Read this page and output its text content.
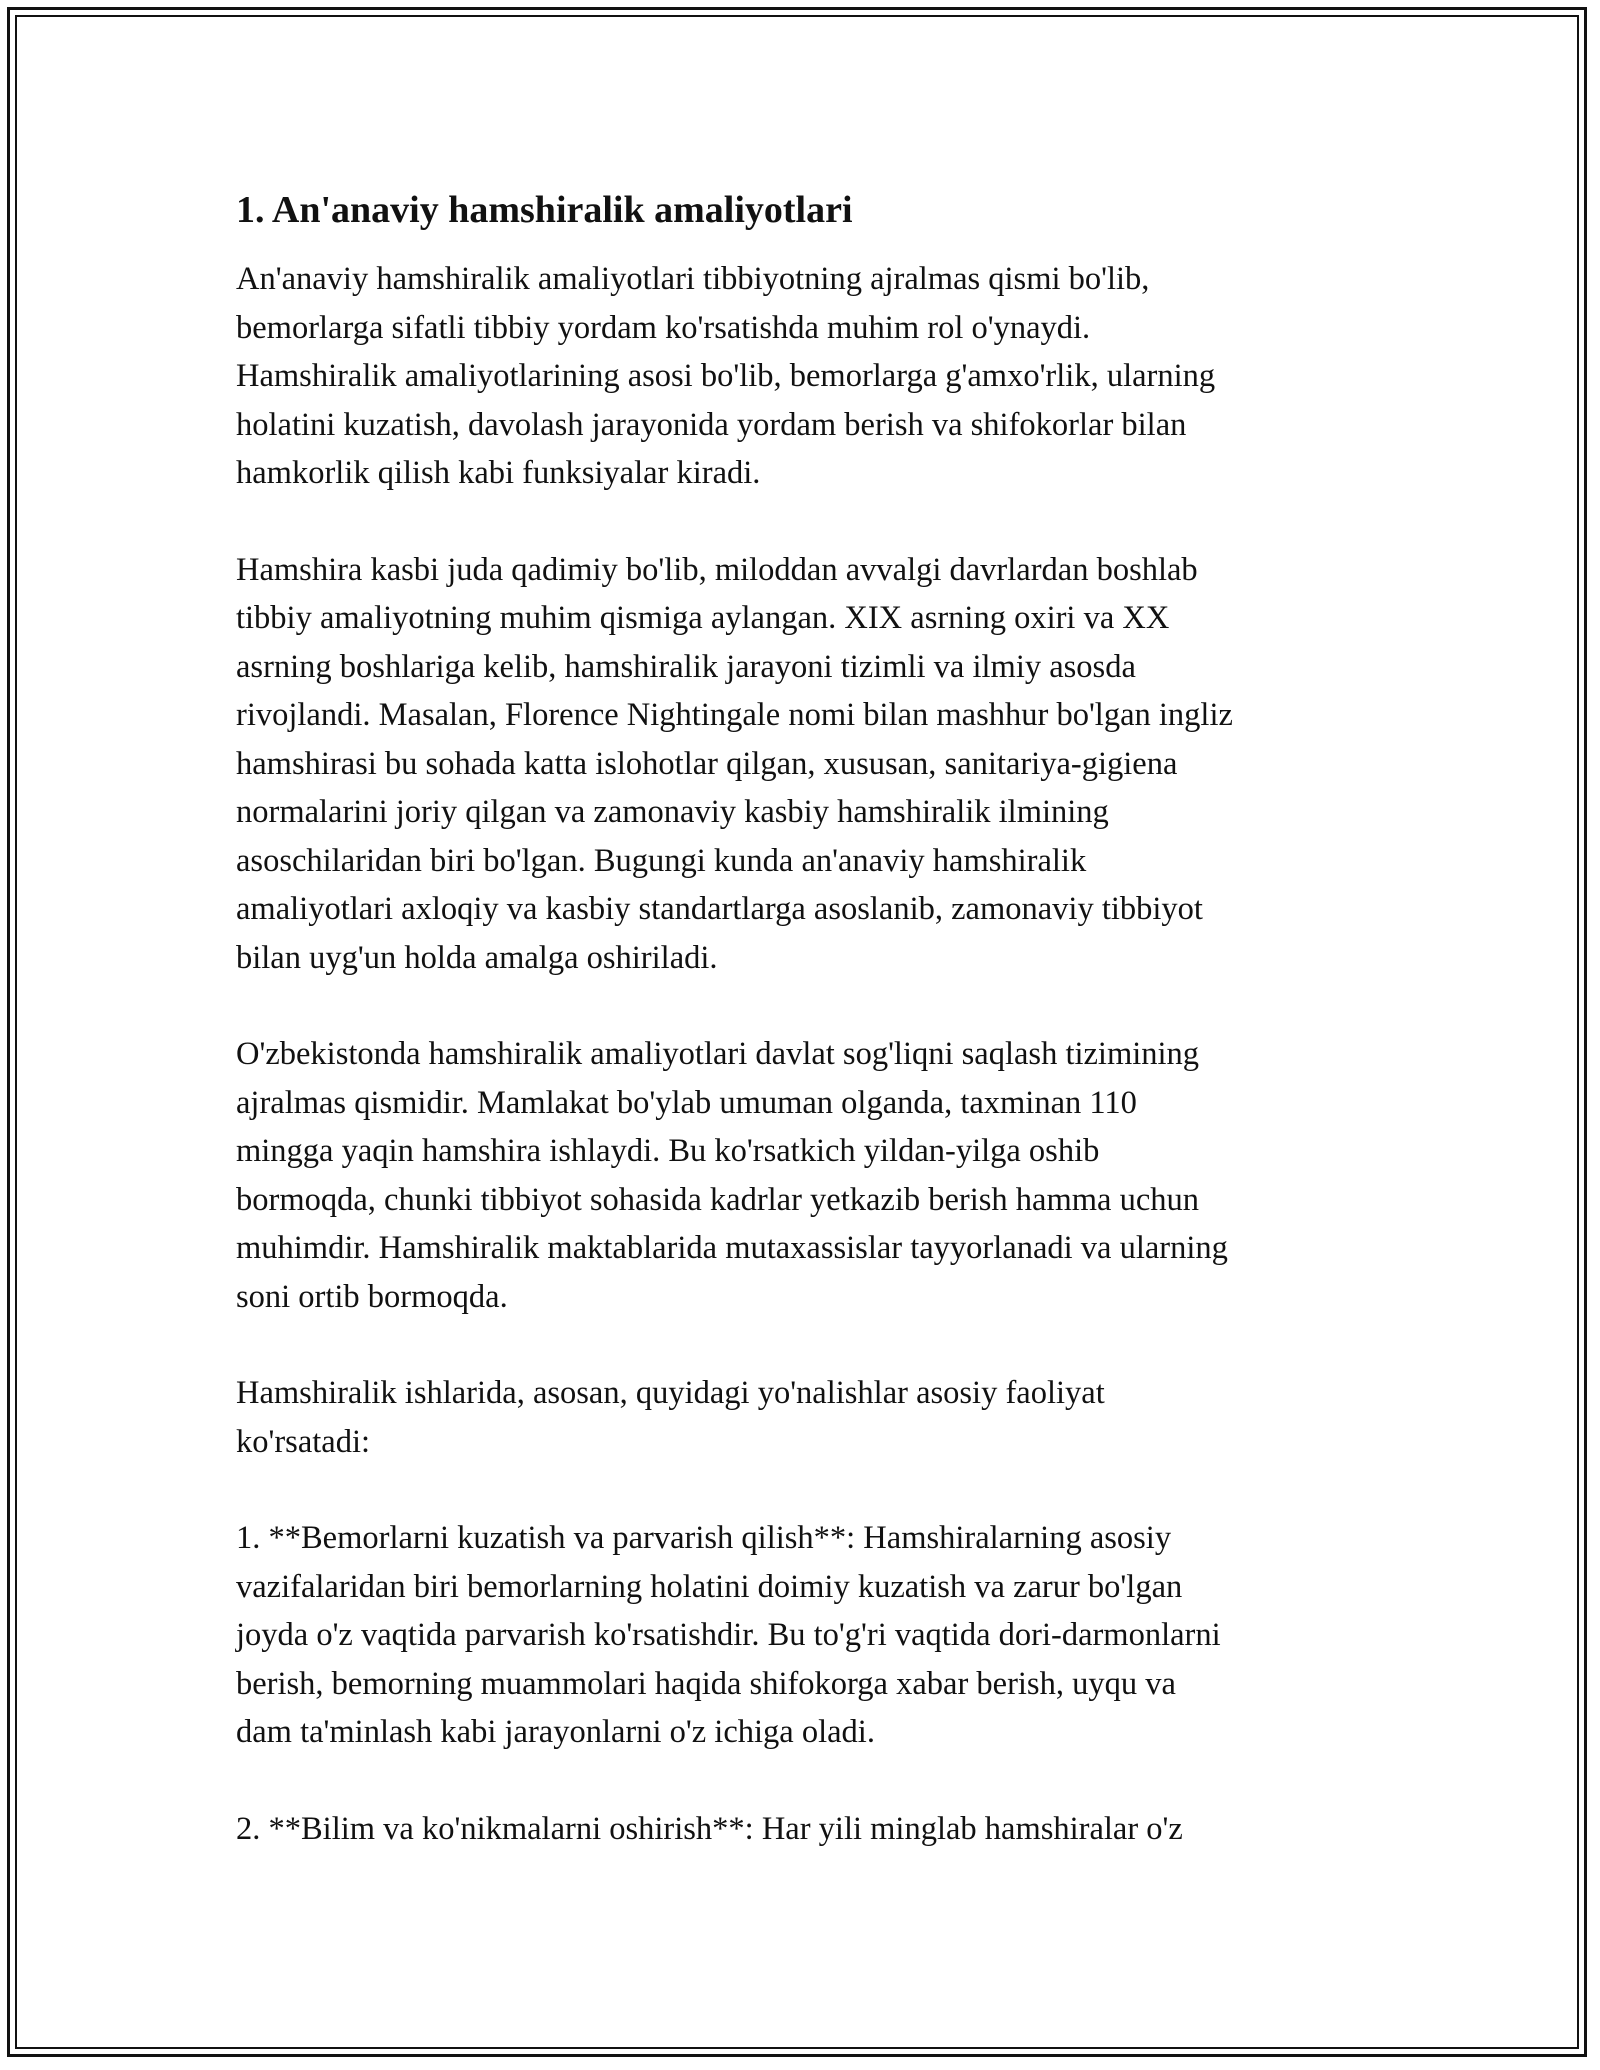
1. An'anaviy hamshiralik amaliyotlari
An'anaviy hamshiralik amaliyotlari tibbiyotning ajralmas qismi bo'lib,
bemorlarga sifatli tibbiy yordam ko'rsatishda muhim rol o'ynaydi.
Hamshiralik amaliyotlarining asosi bo'lib, bemorlarga g'amxo'rlik, ularning
holatini kuzatish, davolash jarayonida yordam berish va shifokorlar bilan
hamkorlik qilish kabi funksiyalar kiradi.
Hamshira kasbi juda qadimiy bo'lib, miloddan avvalgi davrlardan boshlab
tibbiy amaliyotning muhim qismiga aylangan. XIX asrning oxiri va XX
asrning boshlariga kelib, hamshiralik jarayoni tizimli va ilmiy asosda
rivojlandi. Masalan, Florence Nightingale nomi bilan mashhur bo'lgan ingliz
hamshirasi bu sohada katta islohotlar qilgan, xususan, sanitariya-gigiena
normalarini joriy qilgan va zamonaviy kasbiy hamshiralik ilmining
asoschilaridan biri bo'lgan. Bugungi kunda an'anaviy hamshiralik
amaliyotlari axloqiy va kasbiy standartlarga asoslanib, zamonaviy tibbiyot
bilan uyg'un holda amalga oshiriladi.
O'zbekistonda hamshiralik amaliyotlari davlat sog'liqni saqlash tizimining
ajralmas qismidir. Mamlakat bo'ylab umuman olganda, taxminan 110
mingga yaqin hamshira ishlaydi. Bu ko'rsatkich yildan-yilga oshib
bormoqda, chunki tibbiyot sohasida kadrlar yetkazib berish hamma uchun
muhimdir. Hamshiralik maktablarida mutaxassislar tayyorlanadi va ularning
soni ortib bormoqda.
Hamshiralik ishlarida, asosan, quyidagi yo'nalishlar asosiy faoliyat
ko'rsatadi:
1. **Bemorlarni kuzatish va parvarish qilish**: Hamshiralarning asosiy
vazifalaridan biri bemorlarning holatini doimiy kuzatish va zarur bo'lgan
joyda o'z vaqtida parvarish ko'rsatishdir. Bu to'g'ri vaqtida dori-darmonlarni
berish, bemorning muammolari haqida shifokorga xabar berish, uyqu va
dam ta'minlash kabi jarayonlarni o'z ichiga oladi.
2. **Bilim va ko'nikmalarni oshirish**: Har yili minglab hamshiralar o'z
